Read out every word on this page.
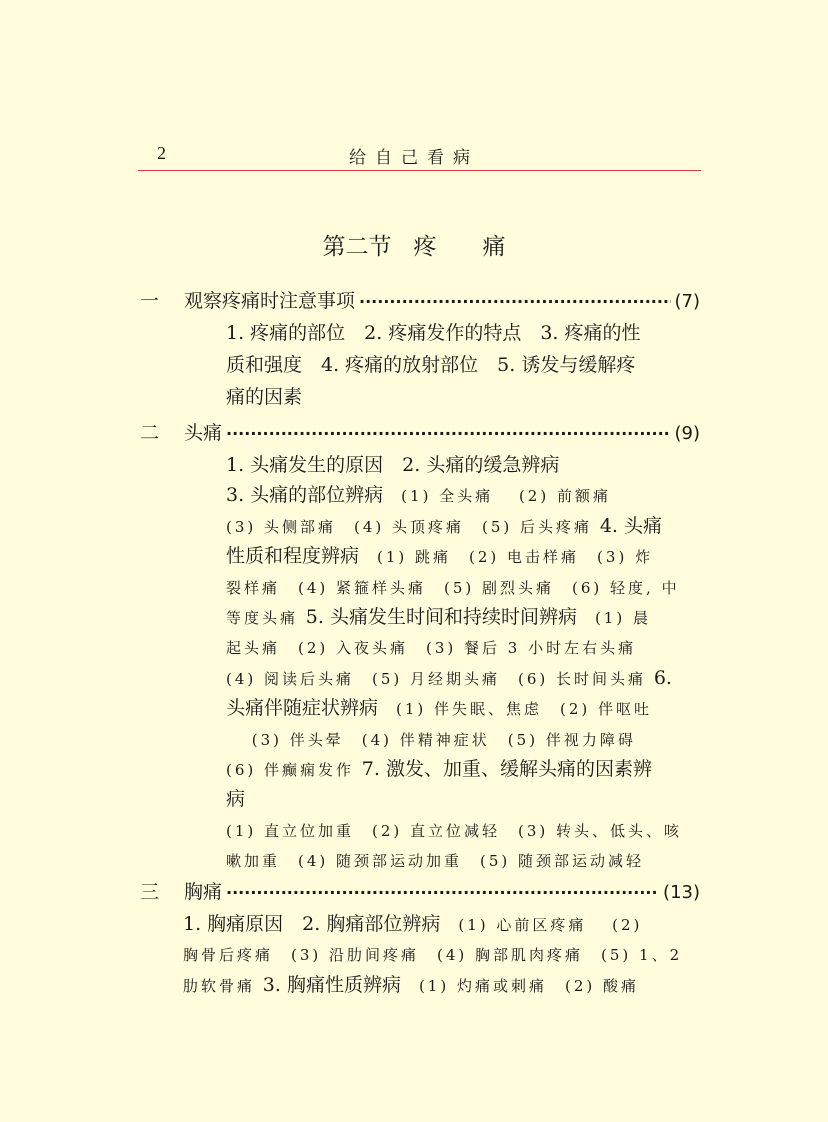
2	给自己看病
第二节 疼 痛
一	观察疼痛时注意事项 ·····	(7)
1. 疼痛的部位　2. 疼痛发作的特点　3. 疼痛的性
质和强度　4. 疼痛的放射部位　5. 诱发与缓解疼
痛的因素
二	头痛 ·····	(9)
1. 头痛发生的原因　2. 头痛的缓急辨病
3. 头痛的部位辨病　(1) 全头痛　 (2) 前额痛
(3) 头侧部痛　(4) 头顶疼痛　(5) 后头疼痛 4. 头痛
性质和程度辨病　(1) 跳痛　(2) 电击样痛　(3) 炸
裂样痛　(4) 紧箍样头痛　(5) 剧烈头痛　(6) 轻度, 中
等度头痛 5. 头痛发生时间和持续时间辨病　(1) 晨
起头痛　(2) 入夜头痛　(3) 餐后 3 小时左右头痛
(4) 阅读后头痛　(5) 月经期头痛　(6) 长时间头痛 6.
头痛伴随症状辨病　(1) 伴失眠、焦虑　(2) 伴呕吐
　 (3) 伴头晕　(4) 伴精神症状　(5) 伴视力障碍
(6) 伴癫痫发作 7. 激发、加重、缓解头痛的因素辨
病
(1) 直立位加重　(2) 直立位减轻　(3) 转头、低头、咳
嗽加重　(4) 随颈部运动加重　(5) 随颈部运动减轻
三	胸痛 ·····	(13)
1. 胸痛原因　2. 胸痛部位辨病　(1) 心前区疼痛　 (2)
胸骨后疼痛　(3) 沿肋间疼痛　(4) 胸部肌肉疼痛　(5) 1、2
肋软骨痛 3. 胸痛性质辨病　(1) 灼痛或刺痛　(2) 酸痛
